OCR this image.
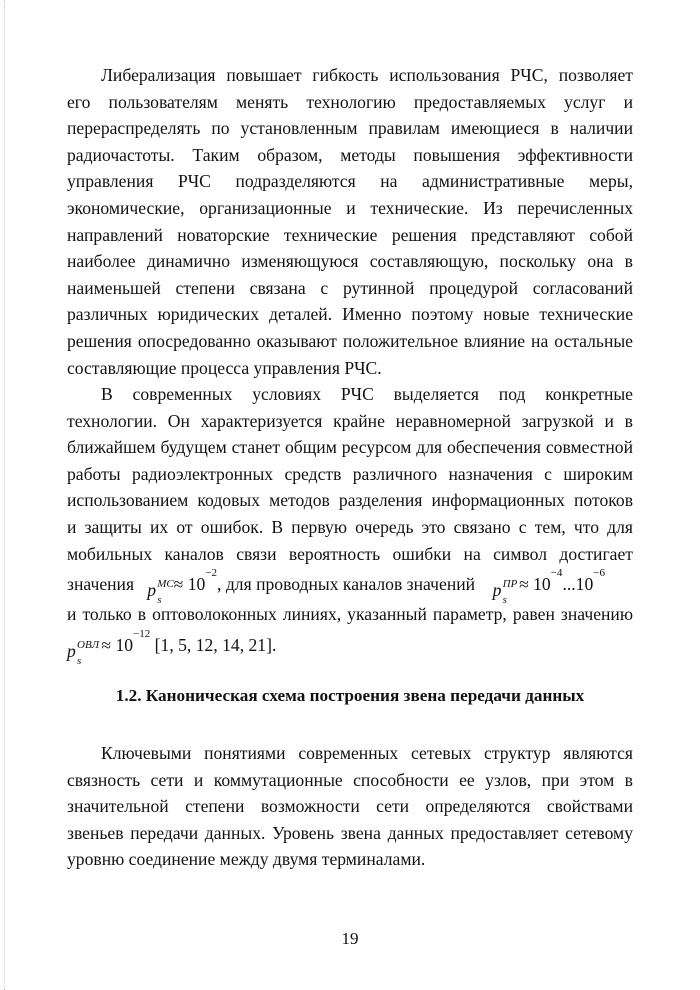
Либерализация повышает гибкость использования РЧС, позволяет
его пользователям менять технологию предоставляемых услуг и
перераспределять по установленным правилам имеющиеся в наличии
радиочастоты. Таким образом, методы повышения эффективности
управления РЧС подразделяются на административные меры,
экономические, организационные и технические. Из перечисленных
направлений новаторские технические решения представляют собой
наиболее динамично изменяющуюся составляющую, поскольку она в
наименьшей степени связана с рутинной процедурой согласований
различных юридических деталей. Именно поэтому новые технические
решения опосредованно оказывают положительное влияние на остальные
составляющие процесса управления РЧС.
В современных условиях РЧС выделяется под конкретные
технологии. Он характеризуется крайне неравномерной загрузкой и в
ближайшем будущем станет общим ресурсом для обеспечения совместной
работы радиоэлектронных средств различного назначения с широким
использованием кодовых методов разделения информационных потоков
и защиты их от ошибок. В первую очередь это связано с тем, что для
мобильных каналов связи вероятность ошибки на символ достигает
значения p МС
s
≈ $10^{-2}$, для проводных каналов значений p ПР
s
≈ $10^{-4}...10^{-6}$
и только в оптоволоконных линиях, указанный параметр, равен значению
p ОВЛ
s
≈ $10^{-12}$ [1, 5, 12, 14, 21].
1.2. Каноническая схема построения звена передачи данных
Ключевыми понятиями современных сетевых структур являются
связность сети и коммутационные способности ее узлов, при этом в
значительной степени возможности сети определяются свойствами
звеньев передачи данных. Уровень звена данных предоставляет сетевому
уровню соединение между двумя терминалами.
19
